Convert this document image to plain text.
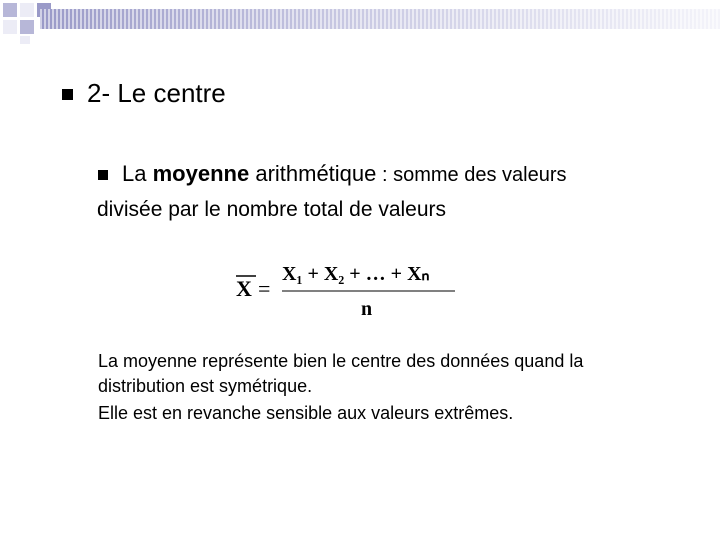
2- Le centre
La moyenne arithmétique : somme des valeurs
divisée par le nombre total de valeurs
X =
X₁ + X₂ + … + Xₙ
n
La moyenne représente bien le centre des données quand la
distribution est symétrique.
Elle est en revanche sensible aux valeurs extrêmes.
